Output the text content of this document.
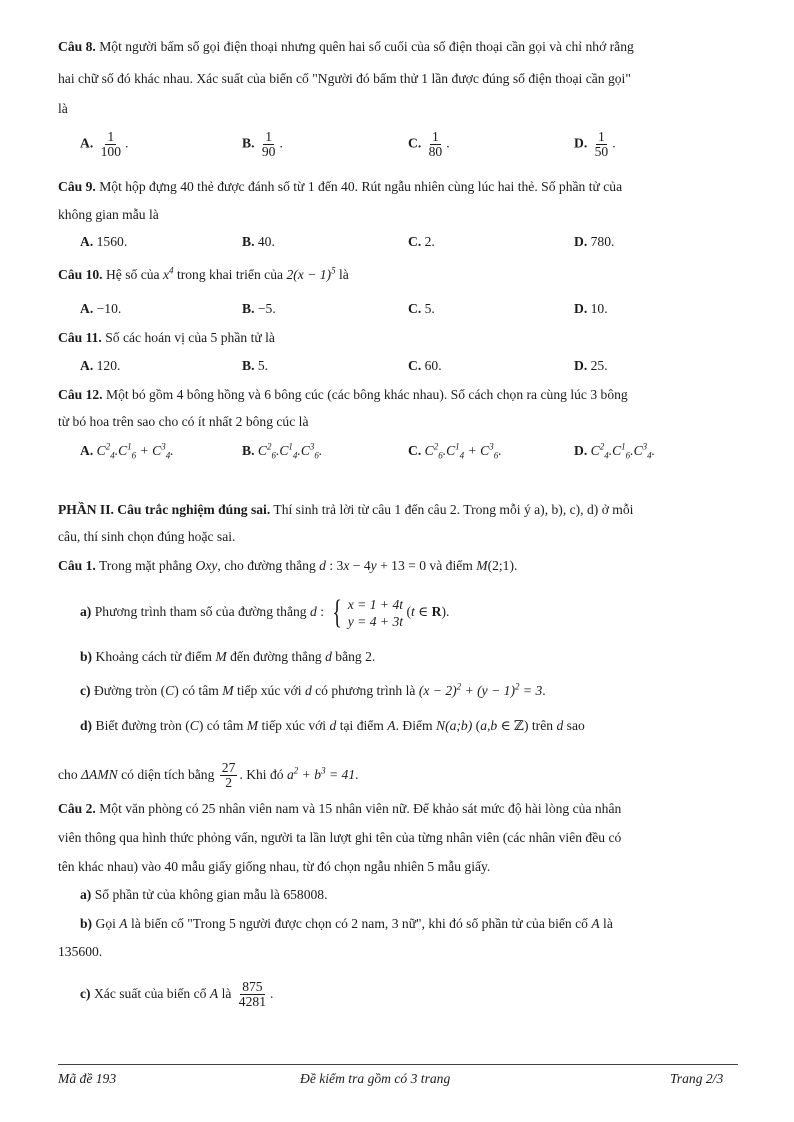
Câu 8. Một người bấm số gọi điện thoại nhưng quên hai số cuối của số điện thoại cần gọi và chỉ nhớ rằng
hai chữ số đó khác nhau. Xác suất của biến cố "Người đó bấm thử 1 lần được đúng số điện thoại cần gọi"
là
A. $\frac{1}{100}$ .	B. $\frac{1}{90}$ .	C. $\frac{1}{80}$ .	D. $\frac{1}{50}$ .
Câu 9. Một hộp đựng 40 thẻ được đánh số từ 1 đến 40. Rút ngẫu nhiên cùng lúc hai thẻ. Số phần tử của
không gian mẫu là
A. 1560.	B. 40.	C. 2.	D. 780.
Câu 10. Hệ số của $x^4$ trong khai triển của $2(x - 1)^5$ là
A. −10.	B. −5.	C. 5.	D. 10.
Câu 11. Số các hoán vị của 5 phần tử là
A. 120.	B. 5.	C. 60.	D. 25.
Câu 12. Một bó gồm 4 bông hồng và 6 bông cúc (các bông khác nhau). Số cách chọn ra cùng lúc 3 bông
từ bó hoa trên sao cho có ít nhất 2 bông cúc là
A. $C^2_4.C^1_6 + C^3_4$.	B. $C^2_6.C^1_4.C^3_6$.	C. $C^2_6.C^1_4 + C^3_6$.	D. $C^2_4.C^1_6.C^3_4$.
PHẦN II. Câu trắc nghiệm đúng sai. Thí sinh trả lời từ câu 1 đến câu 2. Trong mỗi ý a), b), c), d) ở mỗi
câu, thí sinh chọn đúng hoặc sai.
Câu 1. Trong mặt phẳng Oxy, cho đường thẳng d : 3x − 4y + 13 = 0 và điểm M(2;1).
a) Phương trình tham số của đường thẳng d : { x = 1 + 4t
y = 4 + 3t
(t ∈ R).
b) Khoảng cách từ điểm M đến đường thẳng d bằng 2.
c) Đường tròn (C) có tâm M tiếp xúc với d có phương trình là $(x - 2)^2 + (y - 1)^2 = 3$.
d) Biết đường tròn (C) có tâm M tiếp xúc với d tại điểm A. Điểm N(a;b) (a,b ∈ ℤ) trên d sao
cho ΔAMN có diện tích bằng $\frac{27}{2}$ . Khi đó $a^2 + b^3 = 41$.
Câu 2. Một văn phòng có 25 nhân viên nam và 15 nhân viên nữ. Để khảo sát mức độ hài lòng của nhân
viên thông qua hình thức phỏng vấn, người ta lần lượt ghi tên của từng nhân viên (các nhân viên đều có
tên khác nhau) vào 40 mẫu giấy giống nhau, từ đó chọn ngẫu nhiên 5 mẫu giấy.
a) Số phần tử của không gian mẫu là 658008.
b) Gọi A là biến cố "Trong 5 người được chọn có 2 nam, 3 nữ", khi đó số phần tử của biến cố A là
135600.
c) Xác suất của biến cố A là $\frac{875}{4281}$ .
Mã đề 193	Đề kiểm tra gồm có 3 trang	Trang 2/3
